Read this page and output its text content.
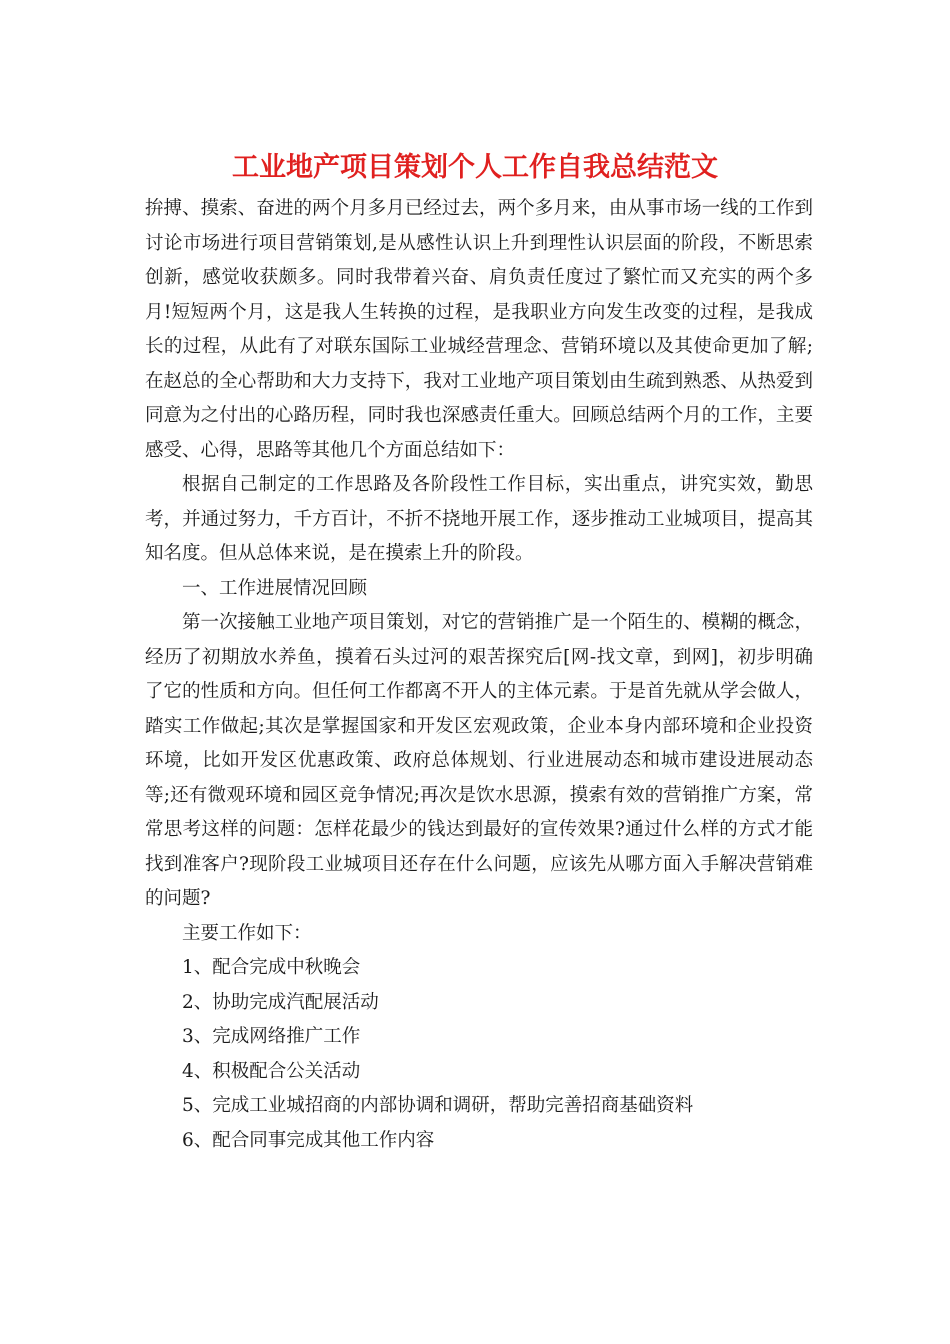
工业地产项目策划个人工作自我总结范文

拚搏、摸索、奋进的两个月多月已经过去，两个多月来，由从事市场一线的工作到讨论市场进行项目营销策划,是从感性认识上升到理性认识层面的阶段，不断思索创新，感觉收获颇多。同时我带着兴奋、肩负责任度过了繁忙而又充实的两个多月!短短两个月，这是我人生转换的过程，是我职业方向发生改变的过程，是我成长的过程，从此有了对联东国际工业城经营理念、营销环境以及其使命更加了解;在赵总的全心帮助和大力支持下，我对工业地产项目策划由生疏到熟悉、从热爱到同意为之付出的心路历程，同时我也深感责任重大。回顾总结两个月的工作，主要感受、心得，思路等其他几个方面总结如下：

根据自己制定的工作思路及各阶段性工作目标，实出重点，讲究实效，勤思考，并通过努力，千方百计，不折不挠地开展工作，逐步推动工业城项目，提高其知名度。但从总体来说，是在摸索上升的阶段。

一、工作进展情况回顾

第一次接触工业地产项目策划，对它的营销推广是一个陌生的、模糊的概念，经历了初期放水养鱼，摸着石头过河的艰苦探究后[网-找文章，到网]，初步明确了它的性质和方向。但任何工作都离不开人的主体元素。于是首先就从学会做人，踏实工作做起;其次是掌握国家和开发区宏观政策，企业本身内部环境和企业投资环境，比如开发区优惠政策、政府总体规划、行业进展动态和城市建设进展动态等;还有微观环境和园区竞争情况;再次是饮水思源，摸索有效的营销推广方案，常常思考这样的问题：怎样花最少的钱达到最好的宣传效果?通过什么样的方式才能找到准客户?现阶段工业城项目还存在什么问题，应该先从哪方面入手解决营销难的问题?

主要工作如下：

1、配合完成中秋晚会

2、协助完成汽配展活动

3、完成网络推广工作

4、积极配合公关活动

5、完成工业城招商的内部协调和调研，帮助完善招商基础资料

6、配合同事完成其他工作内容
